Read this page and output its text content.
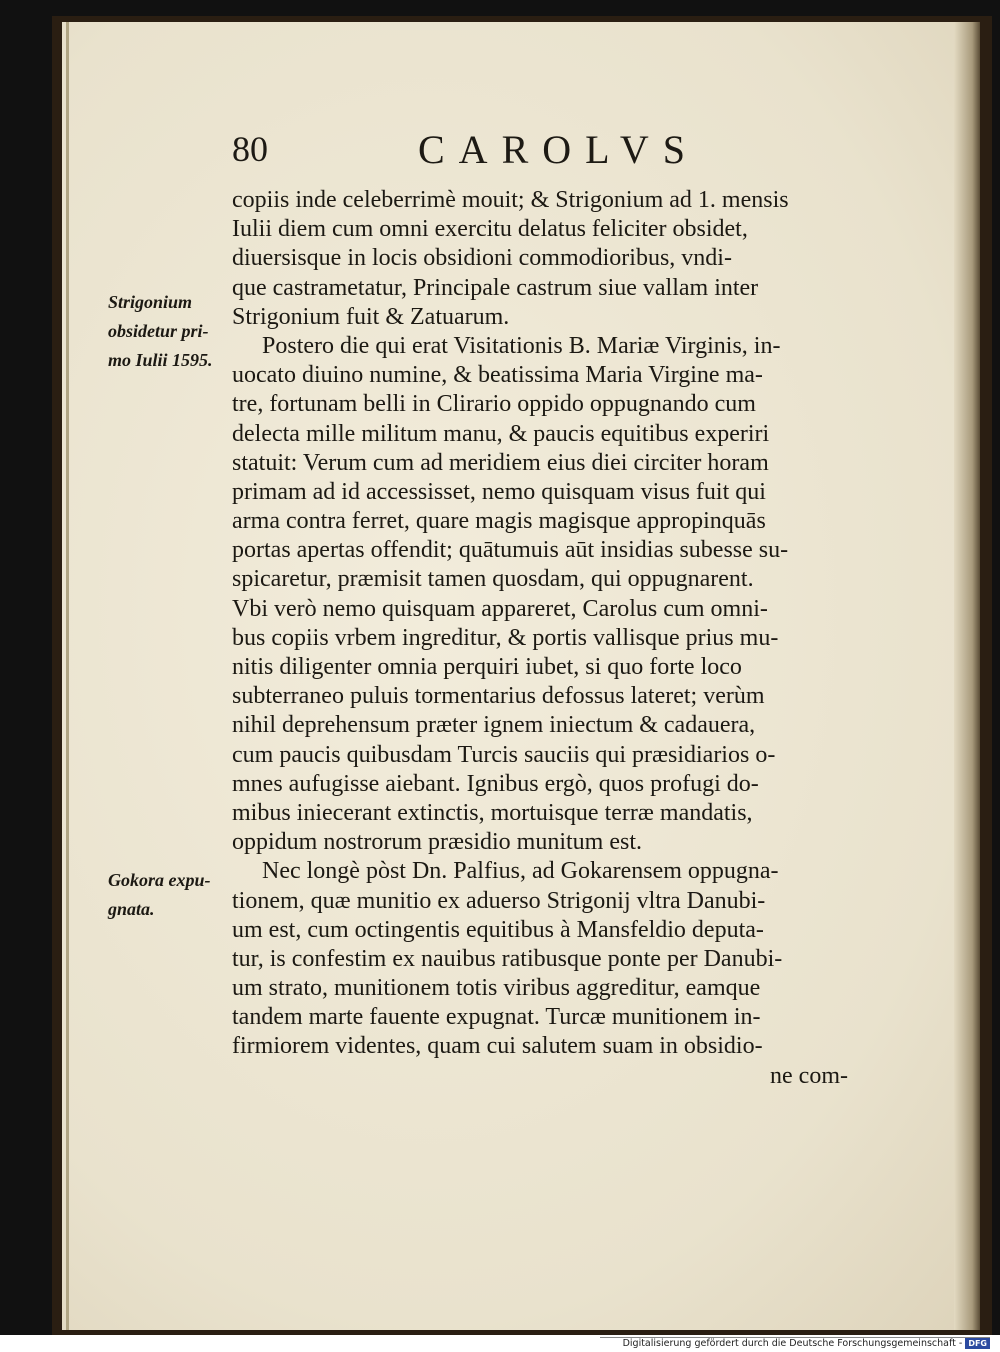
80	CAROLVS
Strigonium
obsidetur pri-
mo Iulii 1595.
Gokora expu-
gnata.
copiis inde celeberrimè mouit; & Strigonium ad 1. mensis
Iulii diem cum omni exercitu delatus feliciter obsidet,
diuersisque in locis obsidioni commodioribus, vndi-
que castrametatur, Principale castrum siue vallam inter
Strigonium fuit & Zatuarum.
Postero die qui erat Visitationis B. Mariæ Virginis, in-
uocato diuino numine, & beatissima Maria Virgine ma-
tre, fortunam belli in Clirario oppido oppugnando cum
delecta mille militum manu, & paucis equitibus experiri
statuit: Verum cum ad meridiem eius diei circiter horam
primam ad id accessisset, nemo quisquam visus fuit qui
arma contra ferret, quare magis magisque appropinquās
portas apertas offendit; quātumuis aūt insidias subesse su-
spicaretur, præmisit tamen quosdam, qui oppugnarent.
Vbi verò nemo quisquam appareret, Carolus cum omni-
bus copiis vrbem ingreditur, & portis vallisque prius mu-
nitis diligenter omnia perquiri iubet, si quo forte loco
subterraneo puluis tormentarius defossus lateret; verùm
nihil deprehensum præter ignem iniectum & cadauera,
cum paucis quibusdam Turcis sauciis qui præsidiarios o-
mnes aufugisse aiebant. Ignibus ergò, quos profugi do-
mibus iniecerant extinctis, mortuisque terræ mandatis,
oppidum nostrorum præsidio munitum est.
Nec longè pòst Dn. Palfius, ad Gokarensem oppugna-
tionem, quæ munitio ex aduerso Strigonij vltra Danubi-
um est, cum octingentis equitibus à Mansfeldio deputa-
tur, is confestim ex nauibus ratibusque ponte per Danubi-
um strato, munitionem totis viribus aggreditur, eamque
tandem marte fauente expugnat. Turcæ munitionem in-
firmiorem videntes, quam cui salutem suam in obsidio-
ne com-
Digitalisierung gefördert durch die Deutsche Forschungsgemeinschaft - DFG
